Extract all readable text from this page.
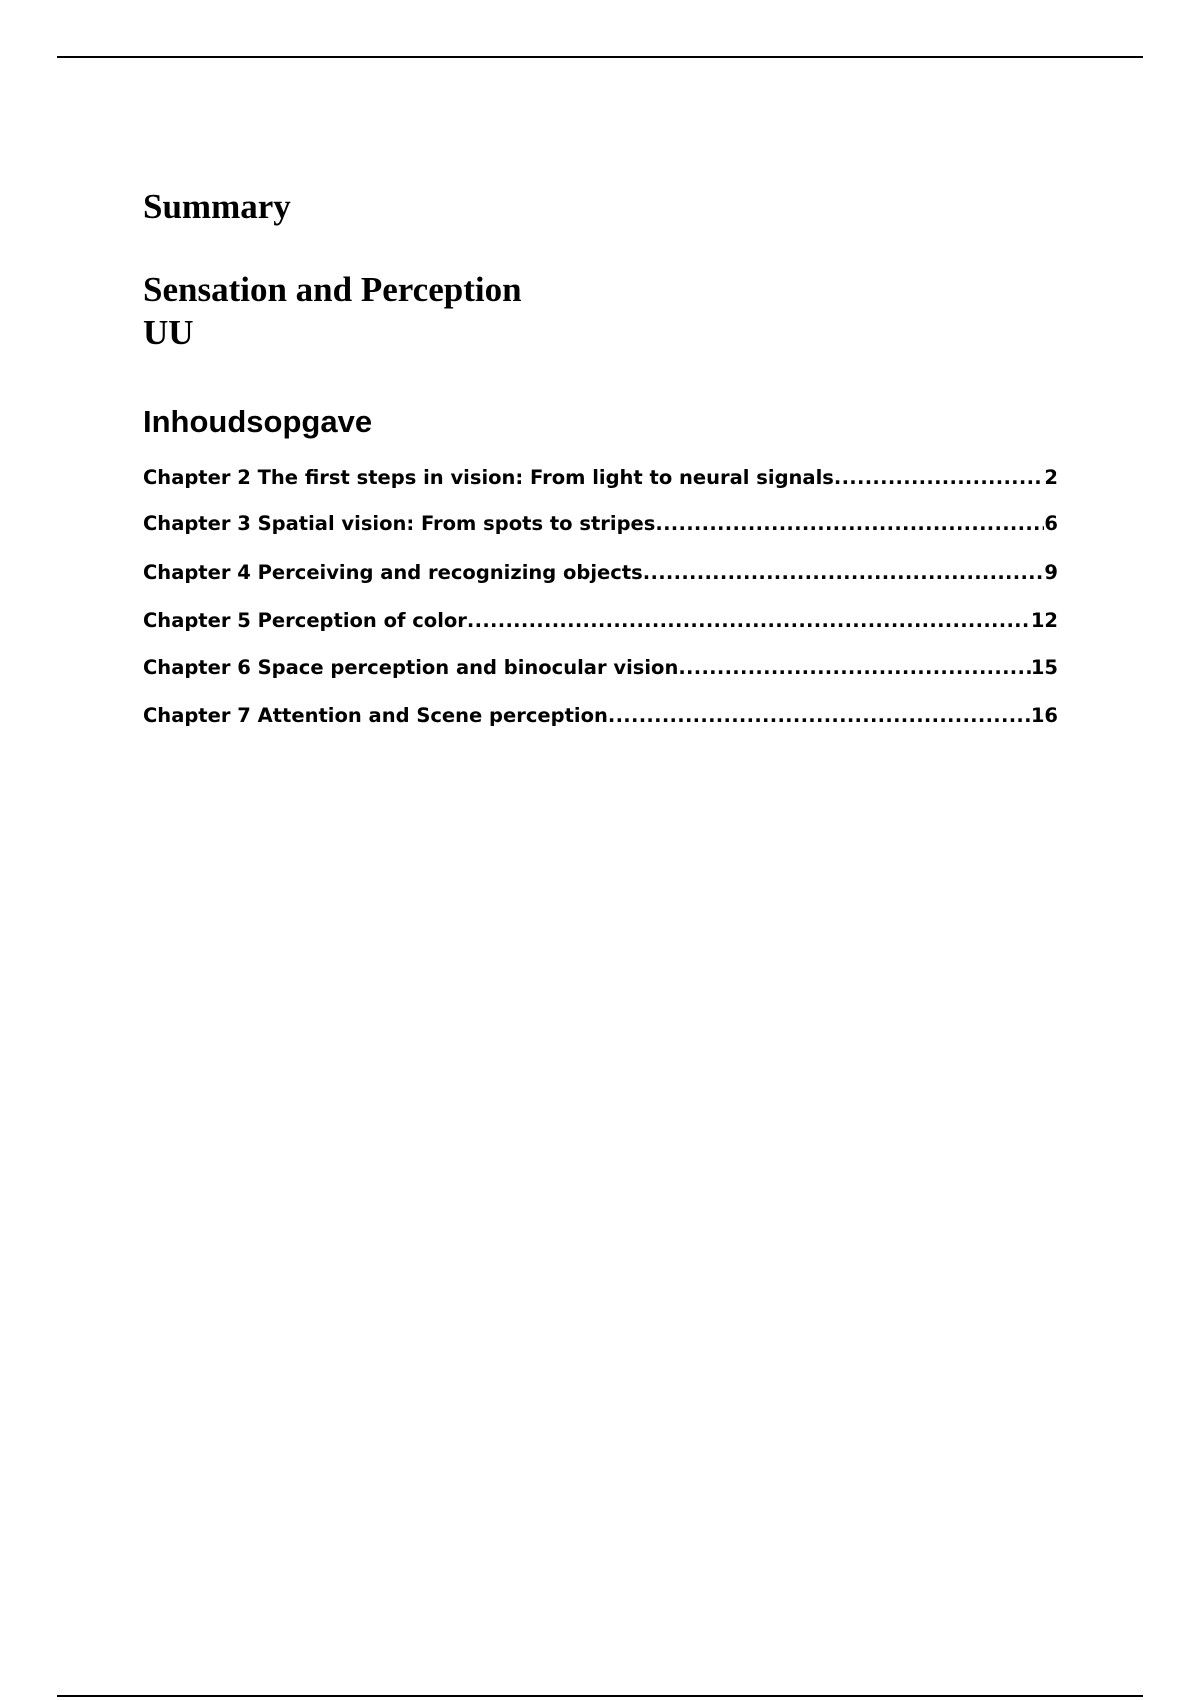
Summary
Sensation and Perception
UU
Inhoudsopgave
Chapter 2 The first steps in vision: From light to neural signals .....	2
Chapter 3 Spatial vision: From spots to stripes .....	6
Chapter 4 Perceiving and recognizing objects .....	9
Chapter 5 Perception of color .....	12
Chapter 6 Space perception and binocular vision .....	15
Chapter 7 Attention and Scene perception .....	16
